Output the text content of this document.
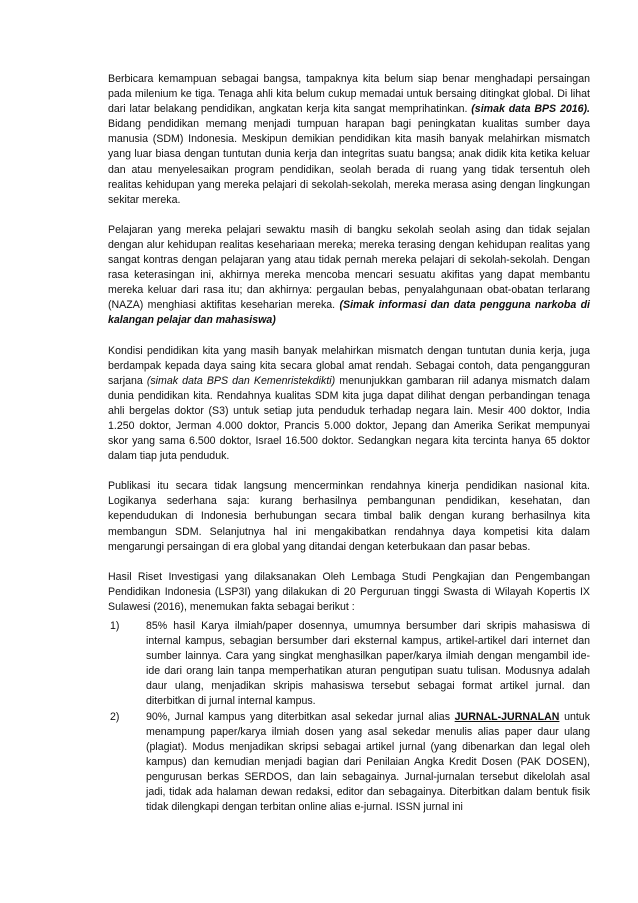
Berbicara kemampuan sebagai bangsa, tampaknya kita belum siap benar menghadapi persaingan pada milenium ke tiga. Tenaga ahli kita belum cukup memadai untuk bersaing ditingkat global. Di lihat dari latar belakang pendidikan, angkatan kerja kita sangat memprihatinkan. (simak data BPS 2016). Bidang pendidikan memang menjadi tumpuan harapan bagi peningkatan kualitas sumber daya manusia (SDM) Indonesia. Meskipun demikian pendidikan kita masih banyak melahirkan mismatch yang luar biasa dengan tuntutan dunia kerja dan integritas suatu bangsa; anak didik kita ketika keluar dan atau menyelesaikan program pendidikan, seolah berada di ruang yang tidak tersentuh oleh realitas kehidupan yang mereka pelajari di sekolah-sekolah, mereka merasa asing dengan lingkungan sekitar mereka.

Pelajaran yang mereka pelajari sewaktu masih di bangku sekolah seolah asing dan tidak sejalan dengan alur kehidupan realitas kesehariaan mereka; mereka terasing dengan kehidupan realitas yang sangat kontras dengan pelajaran yang atau tidak pernah mereka pelajari di sekolah-sekolah. Dengan rasa keterasingan ini, akhirnya mereka mencoba mencari sesuatu akifitas yang dapat membantu mereka keluar dari rasa itu; dan akhirnya: pergaulan bebas, penyalahgunaan obat-obatan terlarang (NAZA) menghiasi aktifitas keseharian mereka. (Simak informasi dan data pengguna narkoba di kalangan pelajar dan mahasiswa)

Kondisi pendidikan kita yang masih banyak melahirkan mismatch dengan tuntutan dunia kerja, juga berdampak kepada daya saing kita secara global amat rendah. Sebagai contoh, data pengangguran sarjana (simak data BPS dan Kemenristekdikti) menunjukkan gambaran riil adanya mismatch dalam dunia pendidikan kita. Rendahnya kualitas SDM kita juga dapat dilihat dengan perbandingan tenaga ahli bergelas doktor (S3) untuk setiap juta penduduk terhadap negara lain. Mesir 400 doktor, India 1.250 doktor, Jerman 4.000 doktor, Prancis 5.000 doktor, Jepang dan Amerika Serikat mempunyai skor yang sama 6.500 doktor, Israel 16.500 doktor. Sedangkan negara kita tercinta hanya 65 doktor dalam tiap juta penduduk.

Publikasi itu secara tidak langsung mencerminkan rendahnya kinerja pendidikan nasional kita. Logikanya sederhana saja: kurang berhasilnya pembangunan pendidikan, kesehatan, dan kependudukan di Indonesia berhubungan secara timbal balik dengan kurang berhasilnya kita membangun SDM. Selanjutnya hal ini mengakibatkan rendahnya daya kompetisi kita dalam mengarungi persaingan di era global yang ditandai dengan keterbukaan dan pasar bebas.

Hasil Riset Investigasi yang dilaksanakan Oleh Lembaga Studi Pengkajian dan Pengembangan Pendidikan Indonesia (LSP3I) yang dilakukan di 20 Perguruan tinggi Swasta di Wilayah Kopertis IX Sulawesi (2016), menemukan fakta sebagai berikut :
1)	85% hasil Karya ilmiah/paper dosennya, umumnya bersumber dari skripis mahasiswa di internal kampus, sebagian bersumber dari eksternal kampus, artikel-artikel dari internet dan sumber lainnya. Cara yang singkat menghasilkan paper/karya ilmiah dengan mengambil ide-ide dari orang lain tanpa memperhatikan aturan pengutipan suatu tulisan. Modusnya adalah daur ulang, menjadikan skripis mahasiswa tersebut sebagai format artikel jurnal. dan diterbitkan di jurnal internal kampus.
2)	90%, Jurnal kampus yang diterbitkan asal sekedar jurnal alias JURNAL-JURNALAN untuk menampung paper/karya ilmiah dosen yang asal sekedar menulis alias paper daur ulang (plagiat). Modus menjadikan skripsi sebagai artikel jurnal (yang dibenarkan dan legal oleh kampus) dan kemudian menjadi bagian dari Penilaian Angka Kredit Dosen (PAK DOSEN), pengurusan berkas SERDOS, dan lain sebagainya. Jurnal-jurnalan tersebut dikelolah asal jadi, tidak ada halaman dewan redaksi, editor dan sebagainya. Diterbitkan dalam bentuk fisik tidak dilengkapi dengan terbitan online alias e-jurnal. ISSN jurnal ini
